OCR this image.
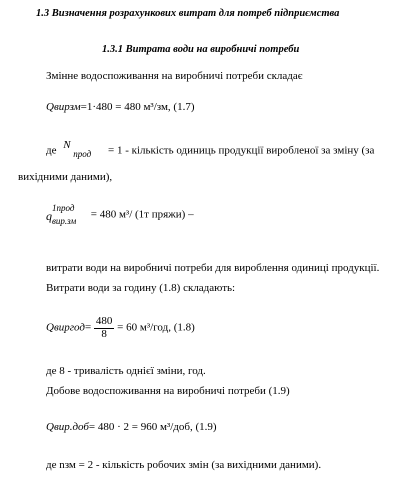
1.3 Визначення розрахункових витрат для потреб підприємства
1.3.1 Витрата води на виробничі потреби
Змінне водоспоживання на виробничі потреби складає
Qвирзм=1·480 = 480 м³/зм, (1.7)
де N
прод = 1 - кількість одиниць продукції виробленої за зміну (за
вихідними даними),
1прод
q вир.зм
= 480 м³/ (1т пряжи) –
витрати води на виробничі потреби для вироблення одиниці продукції.
Витрати води за годину (1.8) складають:
Qвиргод= $\frac{480}{8} = 60$ м³/год, (1.8)
де 8 - тривалість однієї зміни, год.
Добове водоспоживання на виробничі потреби (1.9)
Qвир.доб= 480 · 2 = 960 м³/доб, (1.9)
де nзм = 2 - кількість робочих змін (за вихідними даними).
